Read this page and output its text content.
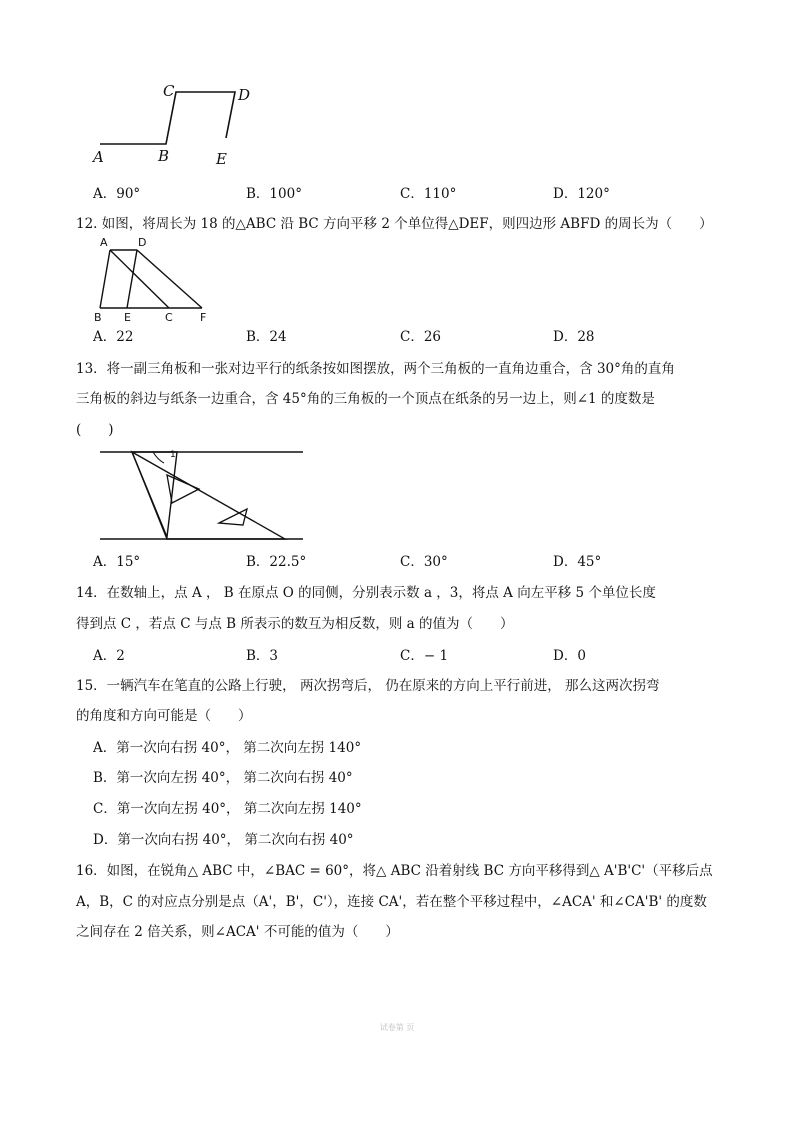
C	D
A	B	E
A．90°	B．100°	C．110°	D．120°
12. 如图，将周长为 18 的△ABC 沿 BC 方向平移 2 个单位得△DEF，则四边形 ABFD 的周长为（　　）
A	D
B E	C F
A．22	B．24	C．26	D．28
13．将一副三角板和一张对边平行的纸条按如图摆放，两个三角板的一直角边重合，含 30°角的直角
三角板的斜边与纸条一边重合，含 45°角的三角板的一个顶点在纸条的另一边上，则∠1 的度数是
(　　)
1
A．15°	B．22.5°	C．30°	D．45°
14．在数轴上，点 A ， B 在原点 O 的同侧，分别表示数 a ，3，将点 A 向左平移 5 个单位长度
得到点 C ，若点 C 与点 B 所表示的数互为相反数，则 a 的值为（　　）
A．2	B．3	C．− 1	D．0
15．一辆汽车在笔直的公路上行驶， 两次拐弯后， 仍在原来的方向上平行前进， 那么这两次拐弯
的角度和方向可能是（　　）
A．第一次向右拐 40°， 第二次向左拐 140°
B．第一次向左拐 40°， 第二次向右拐 40°
C．第一次向左拐 40°， 第二次向左拐 140°
D．第一次向右拐 40°， 第二次向右拐 40°
16．如图，在锐角△ ABC 中，∠BAC = 60°，将△ ABC 沿着射线 BC 方向平移得到△ A'B'C'（平移后点
A，B，C 的对应点分别是点（A'，B'，C'），连接 CA'，若在整个平移过程中，∠ACA' 和∠CA'B' 的度数
之间存在 2 倍关系，则∠ACA' 不可能的值为（　　）
试卷第 页
